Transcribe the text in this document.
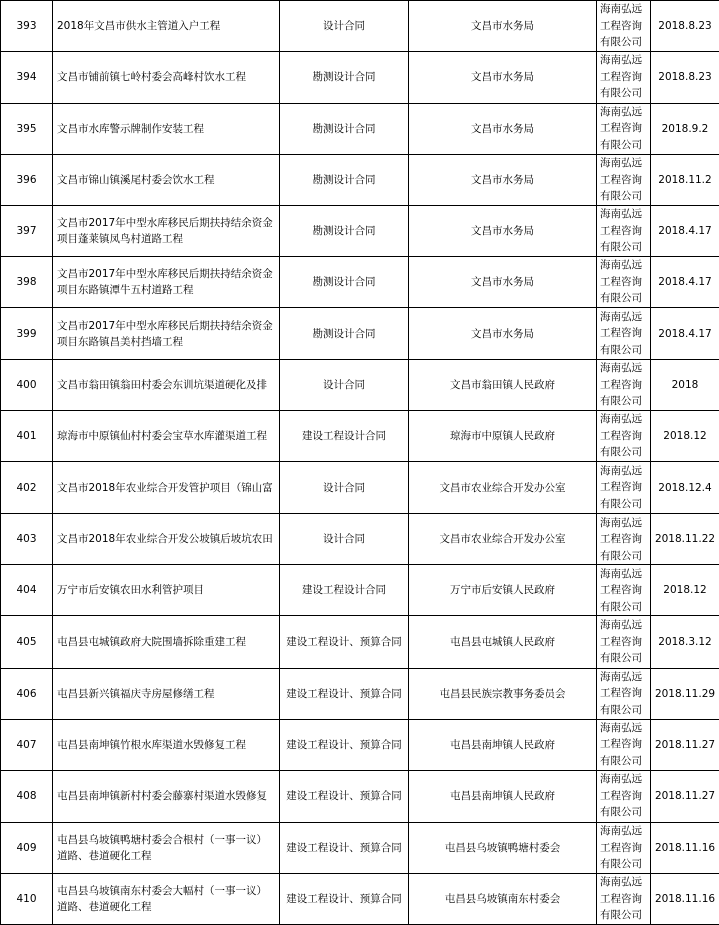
393	2018年文昌市供水主管道入户工程	设计合同	文昌市水务局	海南弘远工程咨询有限公司	2018.8.23
394	文昌市铺前镇七岭村委会高峰村饮水工程	勘测设计合同	文昌市水务局	海南弘远工程咨询有限公司	2018.8.23
395	文昌市水库警示牌制作安装工程	勘测设计合同	文昌市水务局	海南弘远工程咨询有限公司	2018.9.2
396	文昌市锦山镇溪尾村委会饮水工程	勘测设计合同	文昌市水务局	海南弘远工程咨询有限公司	2018.11.2
397	文昌市2017年中型水库移民后期扶持结余资金项目蓬莱镇凤鸟村道路工程	勘测设计合同	文昌市水务局	海南弘远工程咨询有限公司	2018.4.17
398	文昌市2017年中型水库移民后期扶持结余资金项目东路镇潭牛五村道路工程	勘测设计合同	文昌市水务局	海南弘远工程咨询有限公司	2018.4.17
399	文昌市2017年中型水库移民后期扶持结余资金项目东路镇昌美村挡墙工程	勘测设计合同	文昌市水务局	海南弘远工程咨询有限公司	2018.4.17
400	文昌市翁田镇翁田村委会东训坑渠道硬化及排	设计合同	文昌市翁田镇人民政府	海南弘远工程咨询有限公司	2018
401	琼海市中原镇仙村村委会宝草水库灌渠道工程	建设工程设计合同	琼海市中原镇人民政府	海南弘远工程咨询有限公司	2018.12
402	文昌市2018年农业综合开发管护项目（锦山富	设计合同	文昌市农业综合开发办公室	海南弘远工程咨询有限公司	2018.12.4
403	文昌市2018年农业综合开发公坡镇后坡坑农田	设计合同	文昌市农业综合开发办公室	海南弘远工程咨询有限公司	2018.11.22
404	万宁市后安镇农田水利管护项目	建设工程设计合同	万宁市后安镇人民政府	海南弘远工程咨询有限公司	2018.12
405	屯昌县屯城镇政府大院围墙拆除重建工程	建设工程设计、预算合同	屯昌县屯城镇人民政府	海南弘远工程咨询有限公司	2018.3.12
406	屯昌县新兴镇福庆寺房屋修缮工程	建设工程设计、预算合同	屯昌县民族宗教事务委员会	海南弘远工程咨询有限公司	2018.11.29
407	屯昌县南坤镇竹根水库渠道水毁修复工程	建设工程设计、预算合同	屯昌县南坤镇人民政府	海南弘远工程咨询有限公司	2018.11.27
408	屯昌县南坤镇新村村委会藤寨村渠道水毁修复	建设工程设计、预算合同	屯昌县南坤镇人民政府	海南弘远工程咨询有限公司	2018.11.27
409	屯昌县乌坡镇鸭塘村委会合根村（一事一议）道路、巷道硬化工程	建设工程设计、预算合同	屯昌县乌坡镇鸭塘村委会	海南弘远工程咨询有限公司	2018.11.16
410	屯昌县乌坡镇南东村委会大幅村（一事一议）道路、巷道硬化工程	建设工程设计、预算合同	屯昌县乌坡镇南东村委会	海南弘远工程咨询有限公司	2018.11.16
